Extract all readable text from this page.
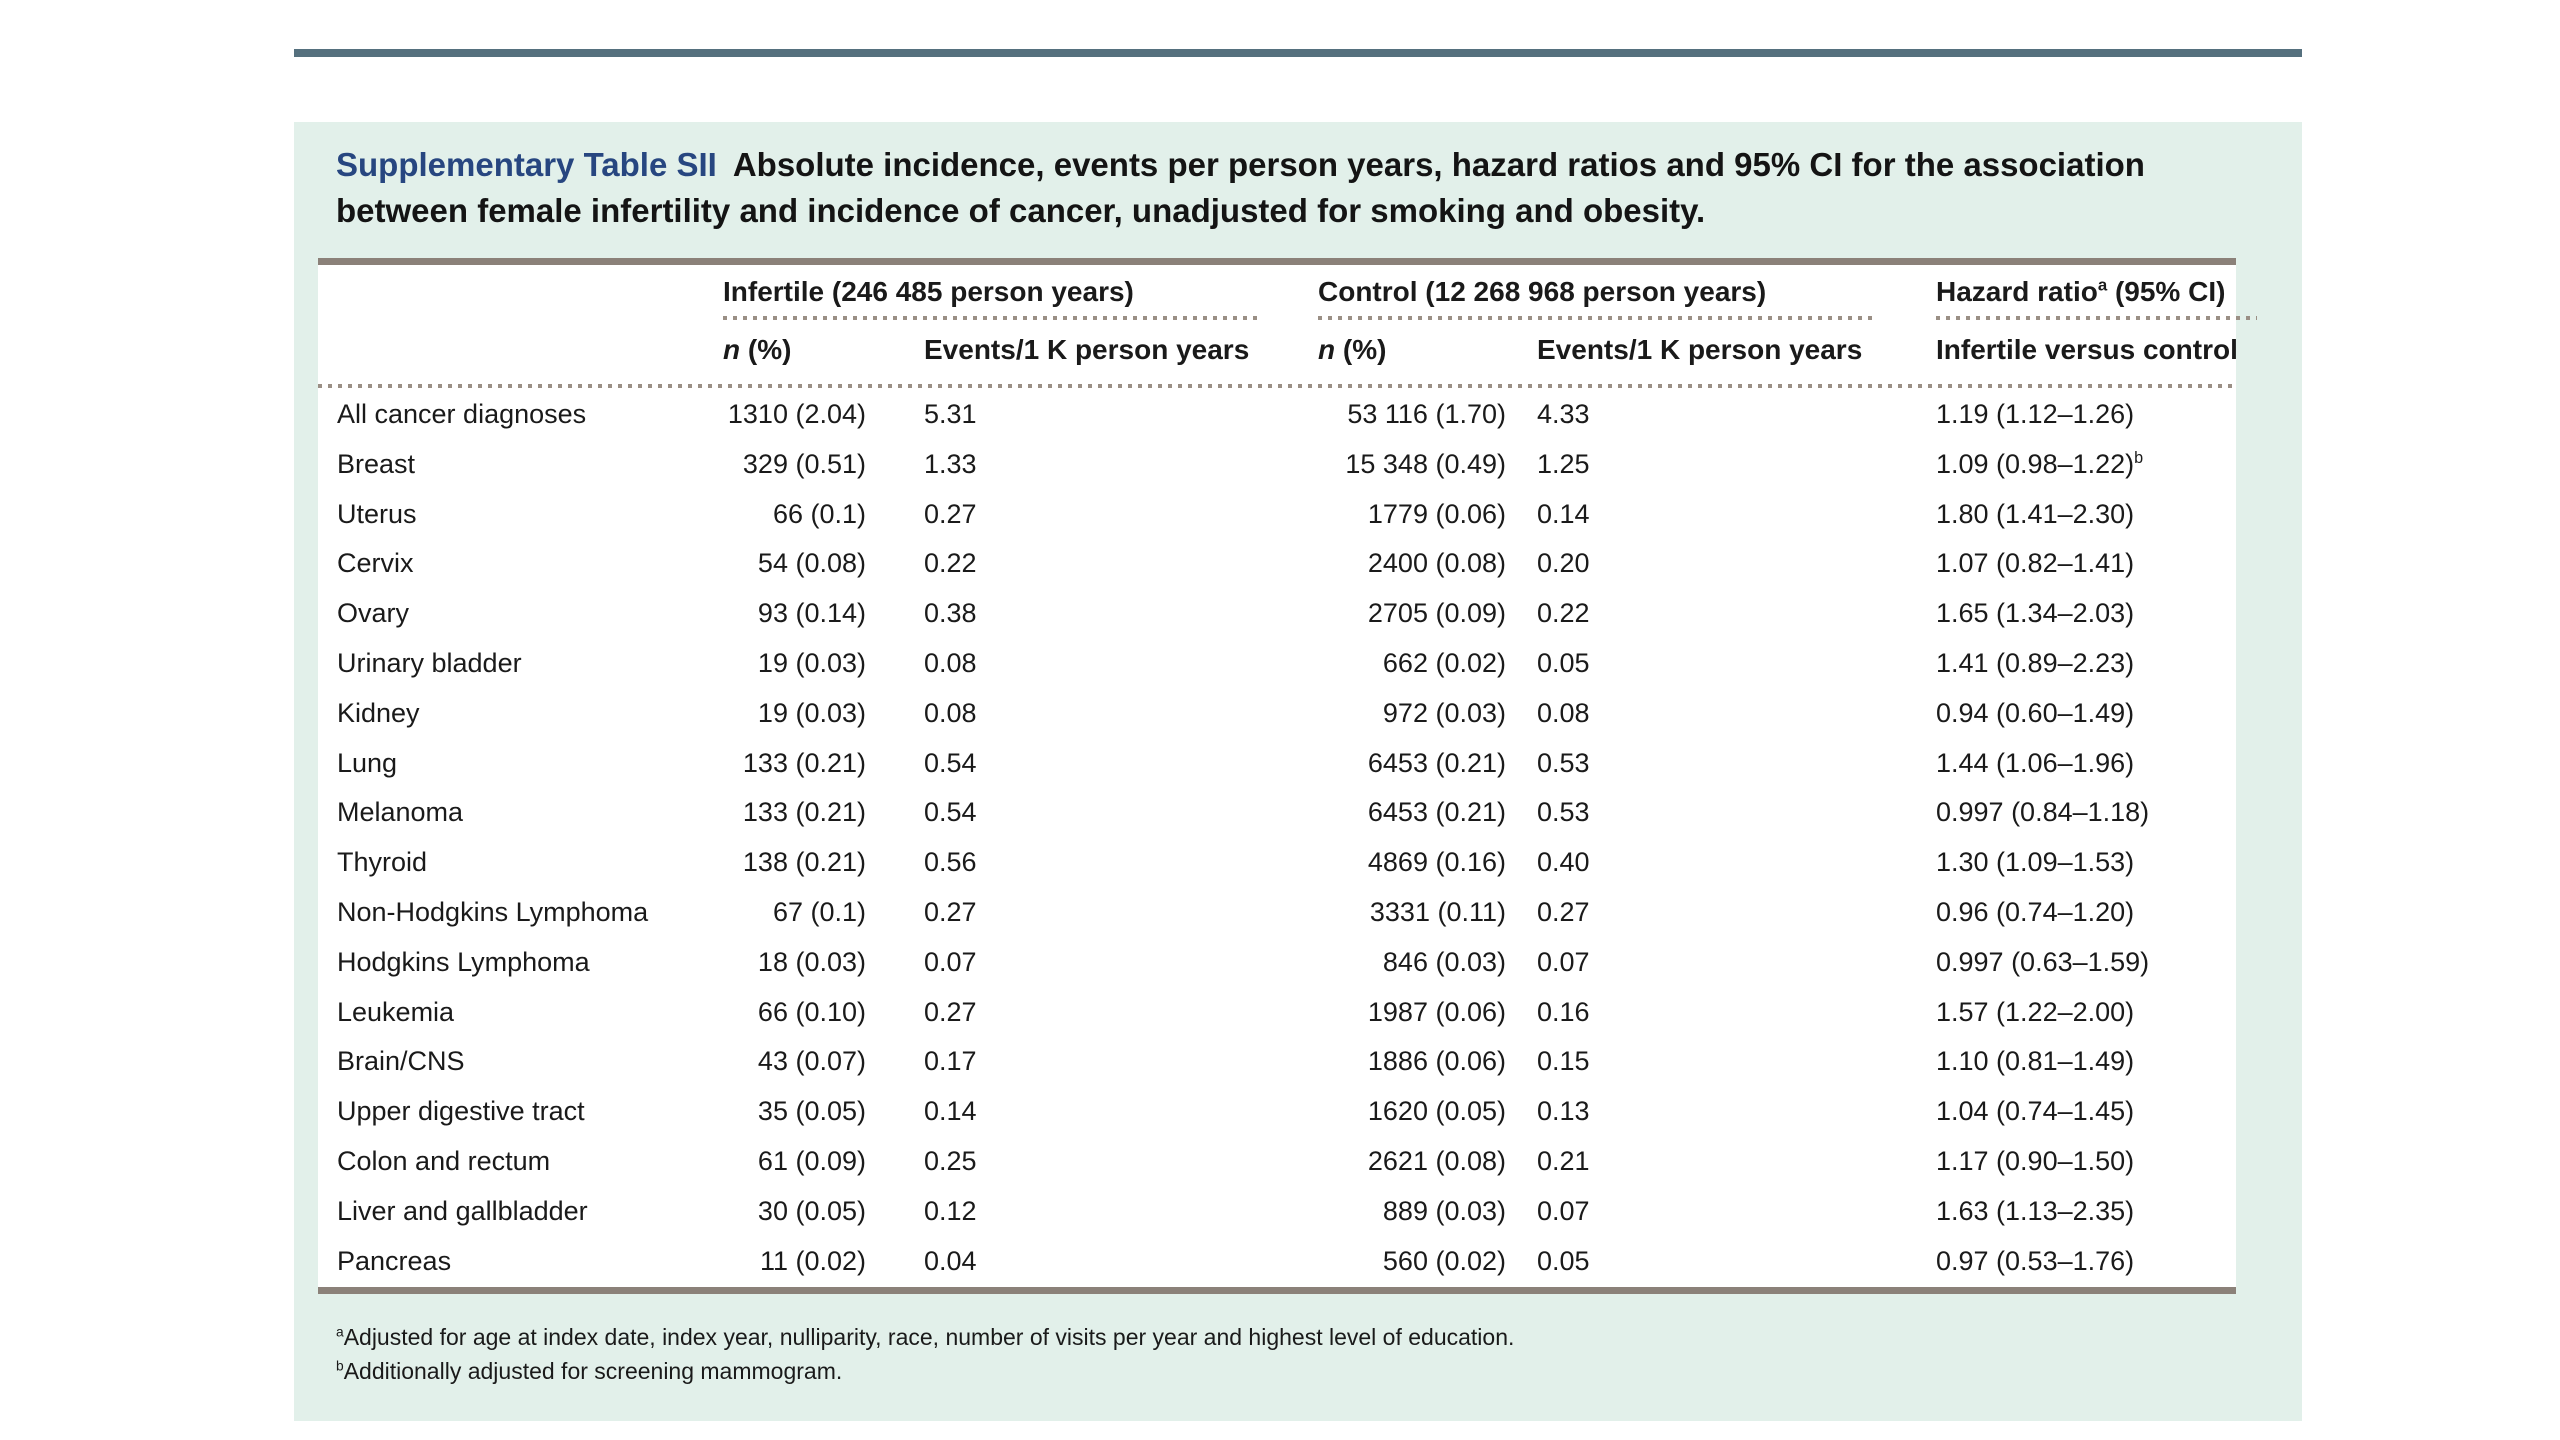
Supplementary Table SII Absolute incidence, events per person years, hazard ratios and 95% CI for the association between female infertility and incidence of cancer, unadjusted for smoking and obesity.
Infertile (246 485 person years)	Control (12 268 968 person years)	Hazard ratio$^a$ (95% CI)
n (%)	Events/1 K person years	n (%)	Events/1 K person years	Infertile versus control
All cancer diagnoses	1310 (2.04)	5.31	53 116 (1.70)	4.33	1.19 (1.12–1.26)
Breast	329 (0.51)	1.33	15 348 (0.49)	1.25	1.09 $(0.98-1.22)^b$
Uterus	66 (0.1)	0.27	1779 (0.06)	0.14	1.80 (1.41–2.30)
Cervix	54 (0.08)	0.22	2400 (0.08)	0.20	1.07 (0.82–1.41)
Ovary	93 (0.14)	0.38	2705 (0.09)	0.22	1.65 (1.34–2.03)
Urinary bladder	19 (0.03)	0.08	662 (0.02)	0.05	1.41 (0.89–2.23)
Kidney	19 (0.03)	0.08	972 (0.03)	0.08	0.94 (0.60–1.49)
Lung	133 (0.21)	0.54	6453 (0.21)	0.53	1.44 (1.06–1.96)
Melanoma	133 (0.21)	0.54	6453 (0.21)	0.53	0.997 (0.84–1.18)
Thyroid	138 (0.21)	0.56	4869 (0.16)	0.40	1.30 (1.09–1.53)
Non-Hodgkins Lymphoma	67 (0.1)	0.27	3331 (0.11)	0.27	0.96 (0.74–1.20)
Hodgkins Lymphoma	18 (0.03)	0.07	846 (0.03)	0.07	0.997 (0.63–1.59)
Leukemia	66 (0.10)	0.27	1987 (0.06)	0.16	1.57 (1.22–2.00)
Brain/CNS	43 (0.07)	0.17	1886 (0.06)	0.15	1.10 (0.81–1.49)
Upper digestive tract	35 (0.05)	0.14	1620 (0.05)	0.13	1.04 (0.74–1.45)
Colon and rectum	61 (0.09)	0.25	2621 (0.08)	0.21	1.17 (0.90–1.50)
Liver and gallbladder	30 (0.05)	0.12	889 (0.03)	0.07	1.63 (1.13–2.35)
Pancreas	11 (0.02)	0.04	560 (0.02)	0.05	0.97 (0.53–1.76)
$^a$Adjusted for age at index date, index year, nulliparity, race, number of visits per year and highest level of education.
$^b$Additionally adjusted for screening mammogram.
